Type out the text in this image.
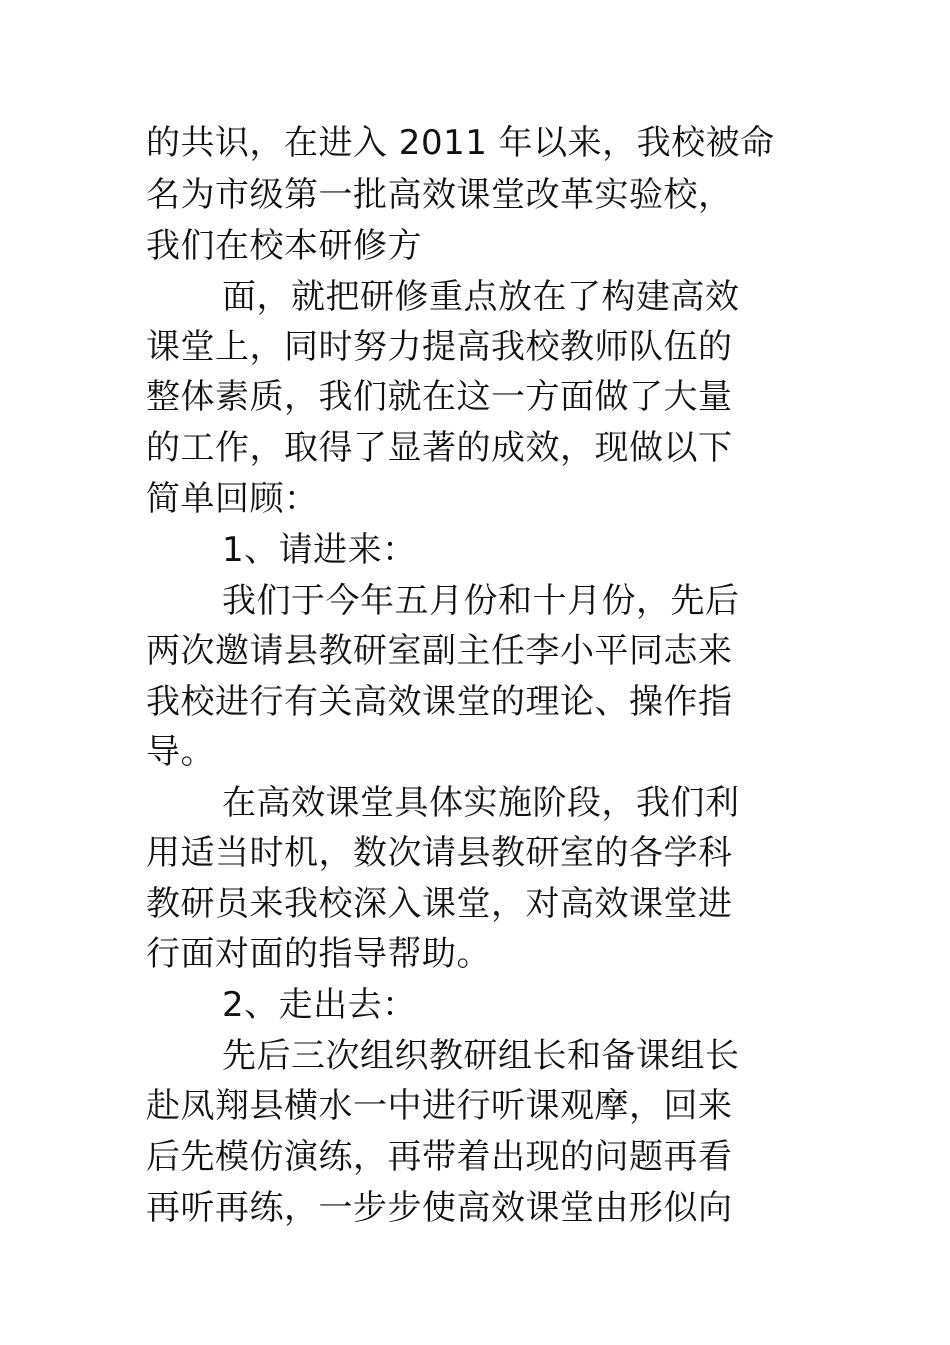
的共识，在进入 2011 年以来，我校被命
名为市级第一批高效课堂改革实验校，
我们在校本研修方
面，就把研修重点放在了构建高效
课堂上，同时努力提高我校教师队伍的
整体素质，我们就在这一方面做了大量
的工作，取得了显著的成效，现做以下
简单回顾：
1、请进来：
我们于今年五月份和十月份，先后
两次邀请县教研室副主任李小平同志来
我校进行有关高效课堂的理论、操作指
导。
在高效课堂具体实施阶段，我们利
用适当时机，数次请县教研室的各学科
教研员来我校深入课堂，对高效课堂进
行面对面的指导帮助。
2、走出去：
先后三次组织教研组长和备课组长
赴凤翔县横水一中进行听课观摩，回来
后先模仿演练，再带着出现的问题再看
再听再练，一步步使高效课堂由形似向
